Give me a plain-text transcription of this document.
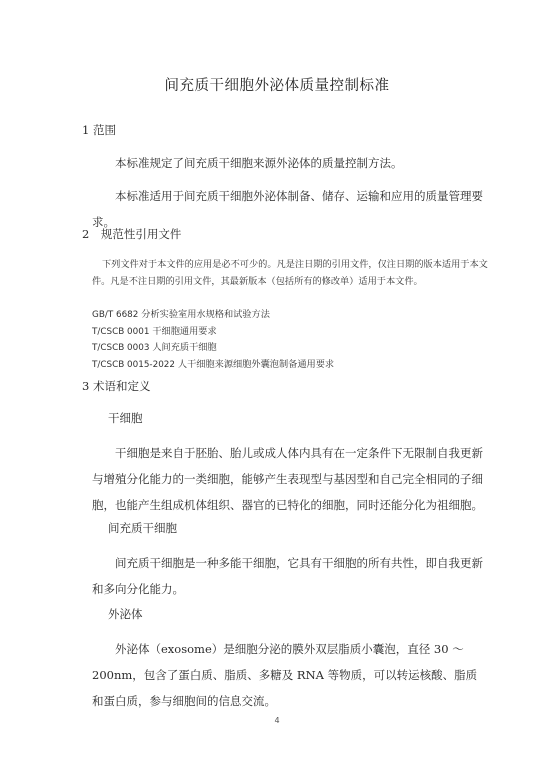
间充质干细胞外泌体质量控制标准
1 范围

本标准规定了间充质干细胞来源外泌体的质量控制方法。

本标准适用于间充质干细胞外泌体制备、储存、运输和应用的质量管理要求。

2　规范性引用文件

下列文件对于本文件的应用是必不可少的。凡是注日期的引用文件，仅注日期的版本适用于本文件。凡是不注日期的引用文件，其最新版本（包括所有的修改单）适用于本文件。

GB/T 6682 分析实验室用水规格和试验方法
T/CSCB 0001 干细胞通用要求
T/CSCB 0003 人间充质干细胞
T/CSCB 0015-2022 人干细胞来源细胞外囊泡制备通用要求
3 术语和定义
干细胞

干细胞是来自于胚胎、胎儿或成人体内具有在一定条件下无限制自我更新与增殖分化能力的一类细胞，能够产生表现型与基因型和自己完全相同的子细胞，也能产生组成机体组织、器官的已特化的细胞，同时还能分化为祖细胞。

间充质干细胞

间充质干细胞是一种多能干细胞，它具有干细胞的所有共性，即自我更新和多向分化能力。

外泌体

外泌体（exosome）是细胞分泌的膜外双层脂质小囊泡，直径 30 ～ 200nm，包含了蛋白质、脂质、多糖及 RNA 等物质，可以转运核酸、脂质和蛋白质，参与细胞间的信息交流。

4
